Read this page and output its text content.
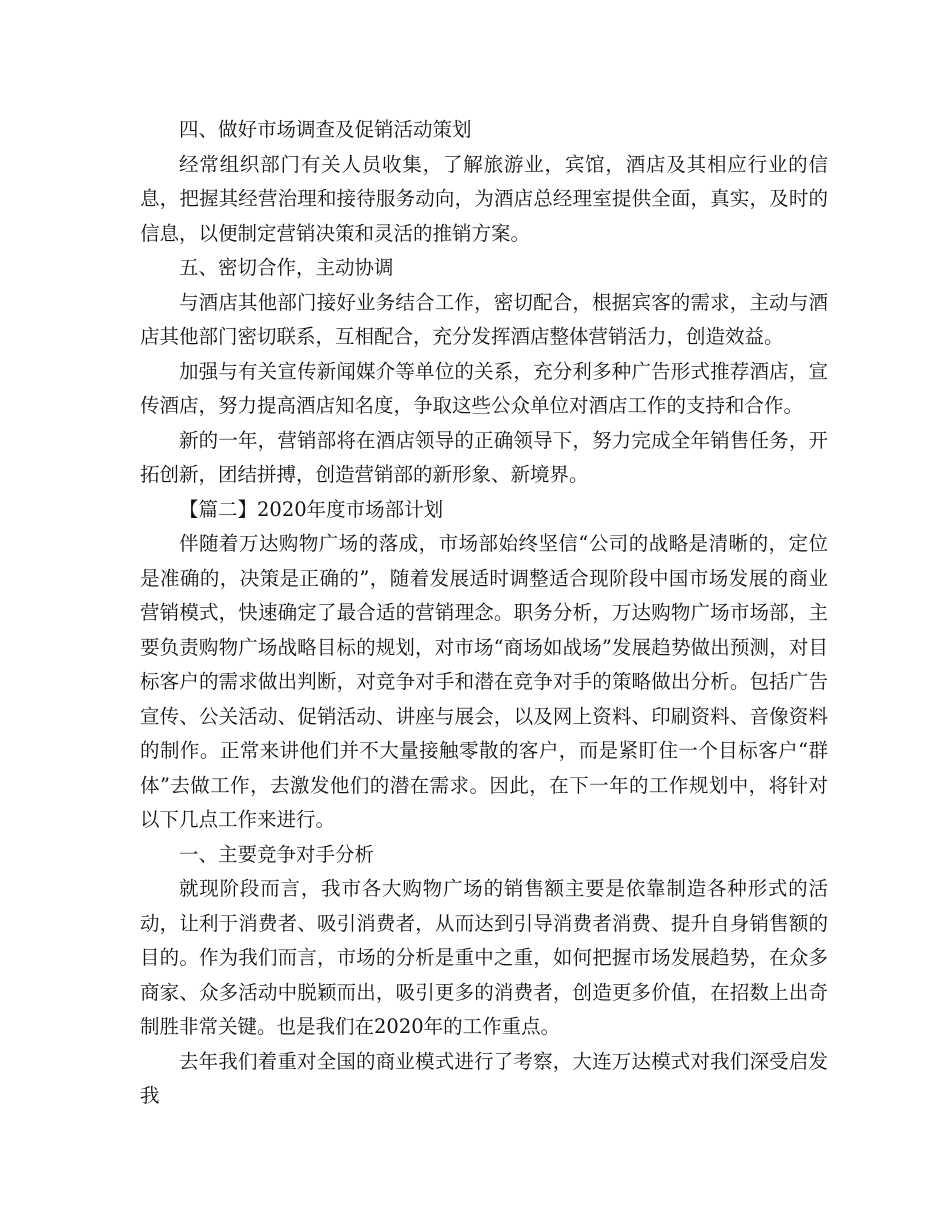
四、做好市场调查及促销活动策划

经常组织部门有关人员收集，了解旅游业，宾馆，酒店及其相应行业的信息，把握其经营治理和接待服务动向，为酒店总经理室提供全面，真实，及时的信息，以便制定营销决策和灵活的推销方案。

五、密切合作，主动协调

与酒店其他部门接好业务结合工作，密切配合，根据宾客的需求，主动与酒店其他部门密切联系，互相配合，充分发挥酒店整体营销活力，创造效益。

加强与有关宣传新闻媒介等单位的关系，充分利多种广告形式推荐酒店，宣传酒店，努力提高酒店知名度，争取这些公众单位对酒店工作的支持和合作。

新的一年，营销部将在酒店领导的正确领导下，努力完成全年销售任务，开拓创新，团结拼搏，创造营销部的新形象、新境界。

【篇二】2020年度市场部计划

伴随着万达购物广场的落成，市场部始终坚信“公司的战略是清晰的，定位是准确的，决策是正确的”，随着发展适时调整适合现阶段中国市场发展的商业营销模式，快速确定了最合适的营销理念。职务分析，万达购物广场市场部，主要负责购物广场战略目标的规划，对市场“商场如战场”发展趋势做出预测，对目标客户的需求做出判断，对竞争对手和潜在竞争对手的策略做出分析。包括广告宣传、公关活动、促销活动、讲座与展会，以及网上资料、印刷资料、音像资料的制作。正常来讲他们并不大量接触零散的客户，而是紧盯住一个目标客户“群体”去做工作，去激发他们的潜在需求。因此，在下一年的工作规划中，将针对以下几点工作来进行。

一、主要竞争对手分析

就现阶段而言，我市各大购物广场的销售额主要是依靠制造各种形式的活动，让利于消费者、吸引消费者，从而达到引导消费者消费、提升自身销售额的目的。作为我们而言，市场的分析是重中之重，如何把握市场发展趋势，在众多商家、众多活动中脱颖而出，吸引更多的消费者，创造更多价值，在招数上出奇制胜非常关键。也是我们在2020年的工作重点。

去年我们着重对全国的商业模式进行了考察，大连万达模式对我们深受启发我
